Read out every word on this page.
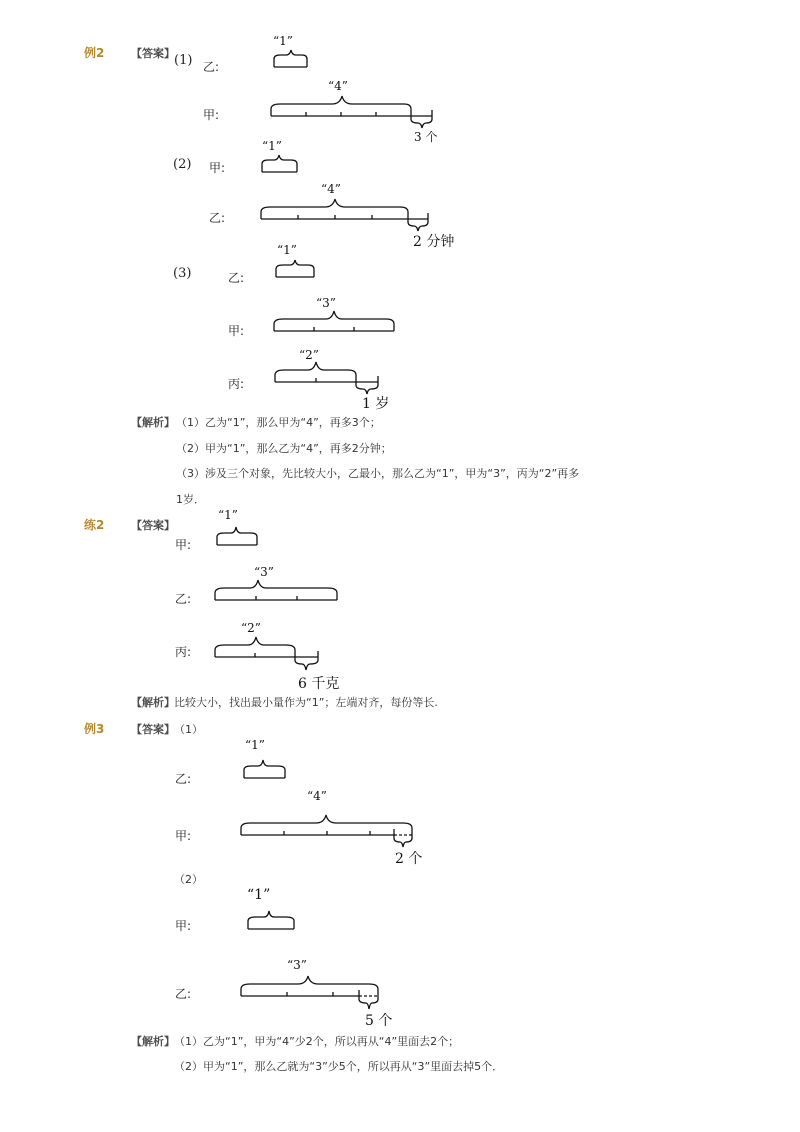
例2 【答案】 (1) 乙:
“1”
甲:
“4”
3 个
(2) 甲:
“1”
乙:
“4”
2 分钟
(3)	乙:
“1”
甲:
“3”
丙:
“2”
1 岁
【解析】 （1）乙为“1”，那么甲为“4”，再多3个；
（2）甲为“1”，那么乙为“4”，再多2分钟；
（3）涉及三个对象，先比较大小，乙最小，那么乙为“1”，甲为“3”，丙为“2”再多
1岁．
练2 【答案】
甲:
“1”
乙:
“3”
丙:
“2”
6 千克
【解析】 比较大小，找出最小量作为“1”；左端对齐，每份等长.
例3 【答案】 （1）
乙:
“1”
甲:
“4”
2 个
（2）
甲:
“1”
乙:
“3”
5 个
【解析】 （1）乙为“1”，甲为“4”少2个，所以再从“4”里面去2个；
（2）甲为“1”，那么乙就为“3”少5个，所以再从“3”里面去掉5个．
